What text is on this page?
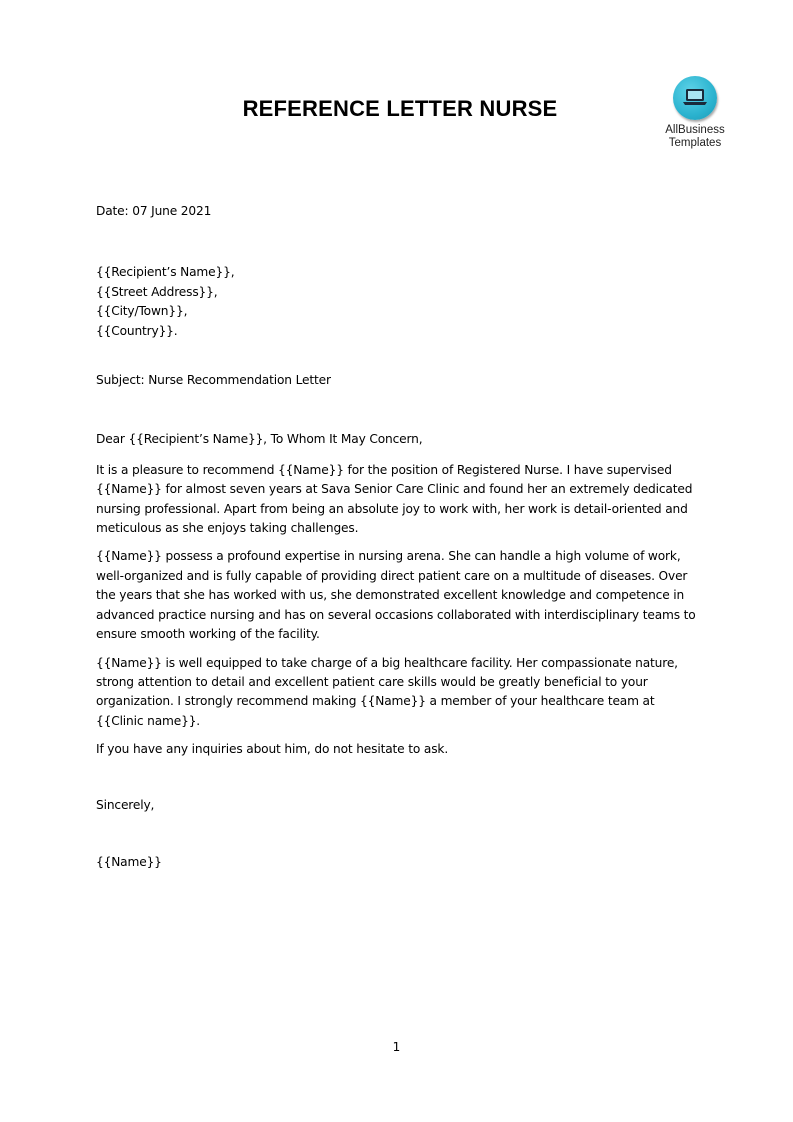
REFERENCE LETTER NURSE
AllBusiness
Templates

Date: 07 June 2021

{{Recipient’s Name}},
{{Street Address}},
{{City/Town}},
{{Country}}.

Subject: Nurse Recommendation Letter

Dear {{Recipient’s Name}}, To Whom It May Concern,

It is a pleasure to recommend {{Name}} for the position of Registered Nurse. I have supervised {{Name}} for almost seven years at Sava Senior Care Clinic and found her an extremely dedicated nursing professional. Apart from being an absolute joy to work with, her work is detail-oriented and meticulous as she enjoys taking challenges.

{{Name}} possess a profound expertise in nursing arena. She can handle a high volume of work, well-organized and is fully capable of providing direct patient care on a multitude of diseases. Over the years that she has worked with us, she demonstrated excellent knowledge and competence in advanced practice nursing and has on several occasions collaborated with interdisciplinary teams to ensure smooth working of the facility.

{{Name}} is well equipped to take charge of a big healthcare facility. Her compassionate nature, strong attention to detail and excellent patient care skills would be greatly beneficial to your organization. I strongly recommend making {{Name}} a member of your healthcare team at {{Clinic name}}.

If you have any inquiries about him, do not hesitate to ask.

Sincerely,

{{Name}}

1
